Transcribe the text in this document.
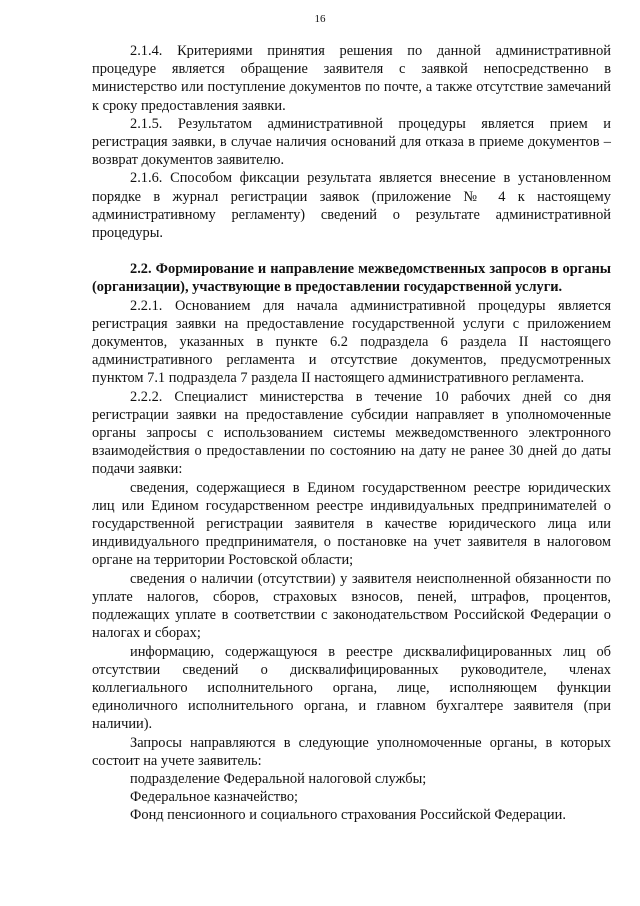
16

2.1.4. Критериями принятия решения по данной административной процедуре является обращение заявителя с заявкой непосредственно в министерство или поступление документов по почте, а также отсутствие замечаний к сроку предоставления заявки.

2.1.5. Результатом административной процедуры является прием и регистрация заявки, в случае наличия оснований для отказа в приеме документов – возврат документов заявителю.

2.1.6. Способом фиксации результата является внесение в установленном порядке в журнал регистрации заявок (приложение № 4 к настоящему административному регламенту) сведений о результате административной процедуры.

2.2. Формирование и направление межведомственных запросов в органы (организации), участвующие в предоставлении государственной услуги.

2.2.1. Основанием для начала административной процедуры является регистрация заявки на предоставление государственной услуги с приложением документов, указанных в пункте 6.2 подраздела 6 раздела II настоящего административного регламента и отсутствие документов, предусмотренных пунктом 7.1 подраздела 7 раздела II настоящего административного регламента.

2.2.2. Специалист министерства в течение 10 рабочих дней со дня регистрации заявки на предоставление субсидии направляет в уполномоченные органы запросы с использованием системы межведомственного электронного взаимодействия о предоставлении по состоянию на дату не ранее 30 дней до даты подачи заявки:

сведения, содержащиеся в Едином государственном реестре юридических лиц или Едином государственном реестре индивидуальных предпринимателей о государственной регистрации заявителя в качестве юридического лица или индивидуального предпринимателя, о постановке на учет заявителя в налоговом органе на территории Ростовской области;

сведения о наличии (отсутствии) у заявителя неисполненной обязанности по уплате налогов, сборов, страховых взносов, пеней, штрафов, процентов, подлежащих уплате в соответствии с законодательством Российской Федерации о налогах и сборах;

информацию, содержащуюся в реестре дисквалифицированных лиц об отсутствии сведений о дисквалифицированных руководителе, членах коллегиального исполнительного органа, лице, исполняющем функции единоличного исполнительного органа, и главном бухгалтере заявителя (при наличии).

Запросы направляются в следующие уполномоченные органы, в которых состоит на учете заявитель:

подразделение Федеральной налоговой службы;

Федеральное казначейство;

Фонд пенсионного и социального страхования Российской Федерации.
